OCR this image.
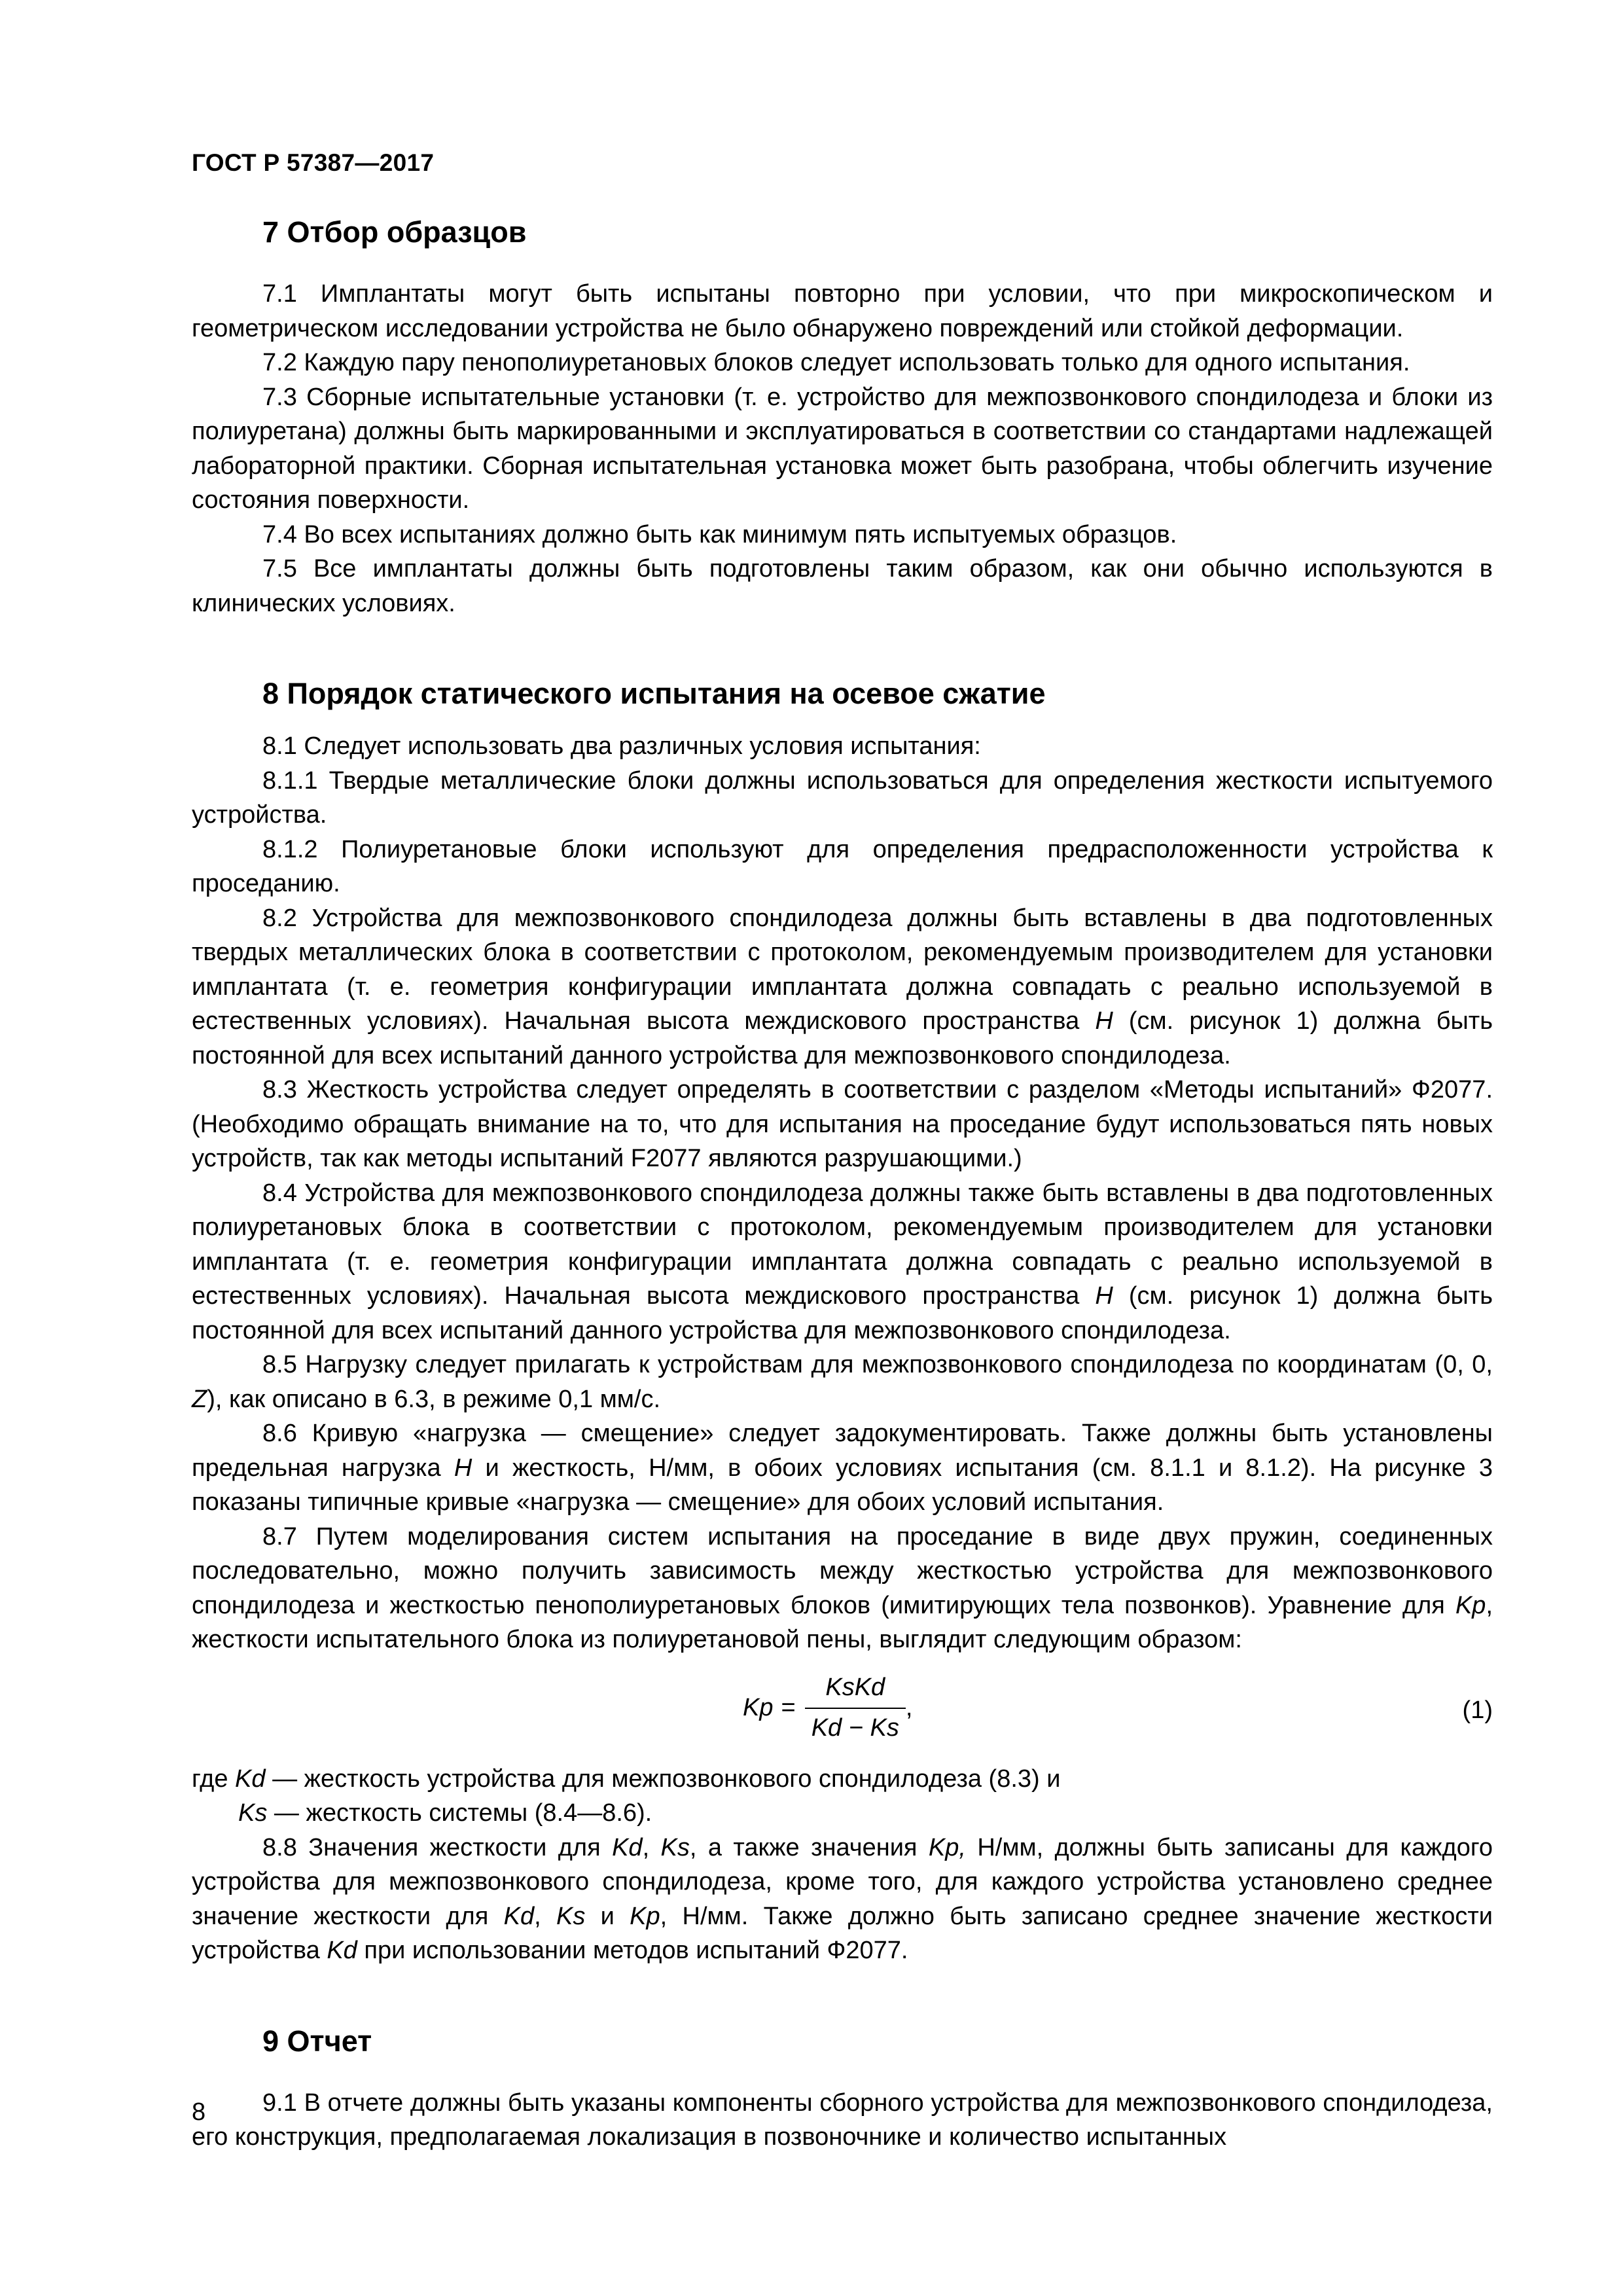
ГОСТ Р 57387—2017
7 Отбор образцов

7.1 Имплантаты могут быть испытаны повторно при условии, что при микроскопическом и геометрическом исследовании устройства не было обнаружено повреждений или стойкой деформации.

7.2 Каждую пару пенополиуретановых блоков следует использовать только для одного испытания.

7.3 Сборные испытательные установки (т. е. устройство для межпозвонкового спондилодеза и блоки из полиуретана) должны быть маркированными и эксплуатироваться в соответствии со стандартами надлежащей лабораторной практики. Сборная испытательная установка может быть разобрана, чтобы облегчить изучение состояния поверхности.

7.4 Во всех испытаниях должно быть как минимум пять испытуемых образцов.

7.5 Все имплантаты должны быть подготовлены таким образом, как они обычно используются в клинических условиях.

8 Порядок статического испытания на осевое сжатие

8.1 Следует использовать два различных условия испытания:

8.1.1 Твердые металлические блоки должны использоваться для определения жесткости испытуемого устройства.

8.1.2 Полиуретановые блоки используют для определения предрасположенности устройства к проседанию.

8.2 Устройства для межпозвонкового спондилодеза должны быть вставлены в два подготовленных твердых металлических блока в соответствии с протоколом, рекомендуемым производителем для установки имплантата (т. е. геометрия конфигурации имплантата должна совпадать с реально используемой в естественных условиях). Начальная высота междискового пространства H (см. рисунок 1) должна быть постоянной для всех испытаний данного устройства для межпозвонкового спондилодеза.

8.3 Жесткость устройства следует определять в соответствии с разделом «Методы испытаний» Ф2077. (Необходимо обращать внимание на то, что для испытания на проседание будут использоваться пять новых устройств, так как методы испытаний F2077 являются разрушающими.)

8.4 Устройства для межпозвонкового спондилодеза должны также быть вставлены в два подготовленных полиуретановых блока в соответствии с протоколом, рекомендуемым производителем для установки имплантата (т. е. геометрия конфигурации имплантата должна совпадать с реально используемой в естественных условиях). Начальная высота междискового пространства H (см. рисунок 1) должна быть постоянной для всех испытаний данного устройства для межпозвонкового спондилодеза.

8.5 Нагрузку следует прилагать к устройствам для межпозвонкового спондилодеза по координатам (0, 0, Z), как описано в 6.3, в режиме 0,1 мм/с.

8.6 Кривую «нагрузка — смещение» следует задокументировать. Также должны быть установлены предельная нагрузка H и жесткость, Н/мм, в обоих условиях испытания (см. 8.1.1 и 8.1.2). На рисунке 3 показаны типичные кривые «нагрузка — смещение» для обоих условий испытания.

8.7 Путем моделирования систем испытания на проседание в виде двух пружин, соединенных последовательно, можно получить зависимость между жесткостью устройства для межпозвонкового спондилодеза и жесткостью пенополиуретановых блоков (имитирующих тела позвонков). Уравнение для Kp, жесткости испытательного блока из полиуретановой пены, выглядит следующим образом:

$Kp = \frac{\text{KsKd}}{Kd - Ks}$ ,	(1)

где Kd — жесткость устройства для межпозвонкового спондилодеза (8.3) и

Ks — жесткость системы (8.4—8.6).

8.8 Значения жесткости для Kd, Ks, а также значения Kp, Н/мм, должны быть записаны для каждого устройства для межпозвонкового спондилодеза, кроме того, для каждого устройства установлено среднее значение жесткости для Kd, Ks и Kp, Н/мм. Также должно быть записано среднее значение жесткости устройства Kd при использовании методов испытаний Ф2077.

9 Отчет

9.1 В отчете должны быть указаны компоненты сборного устройства для межпозвонкового спондилодеза, его конструкция, предполагаемая локализация в позвоночнике и количество испытанных

8
